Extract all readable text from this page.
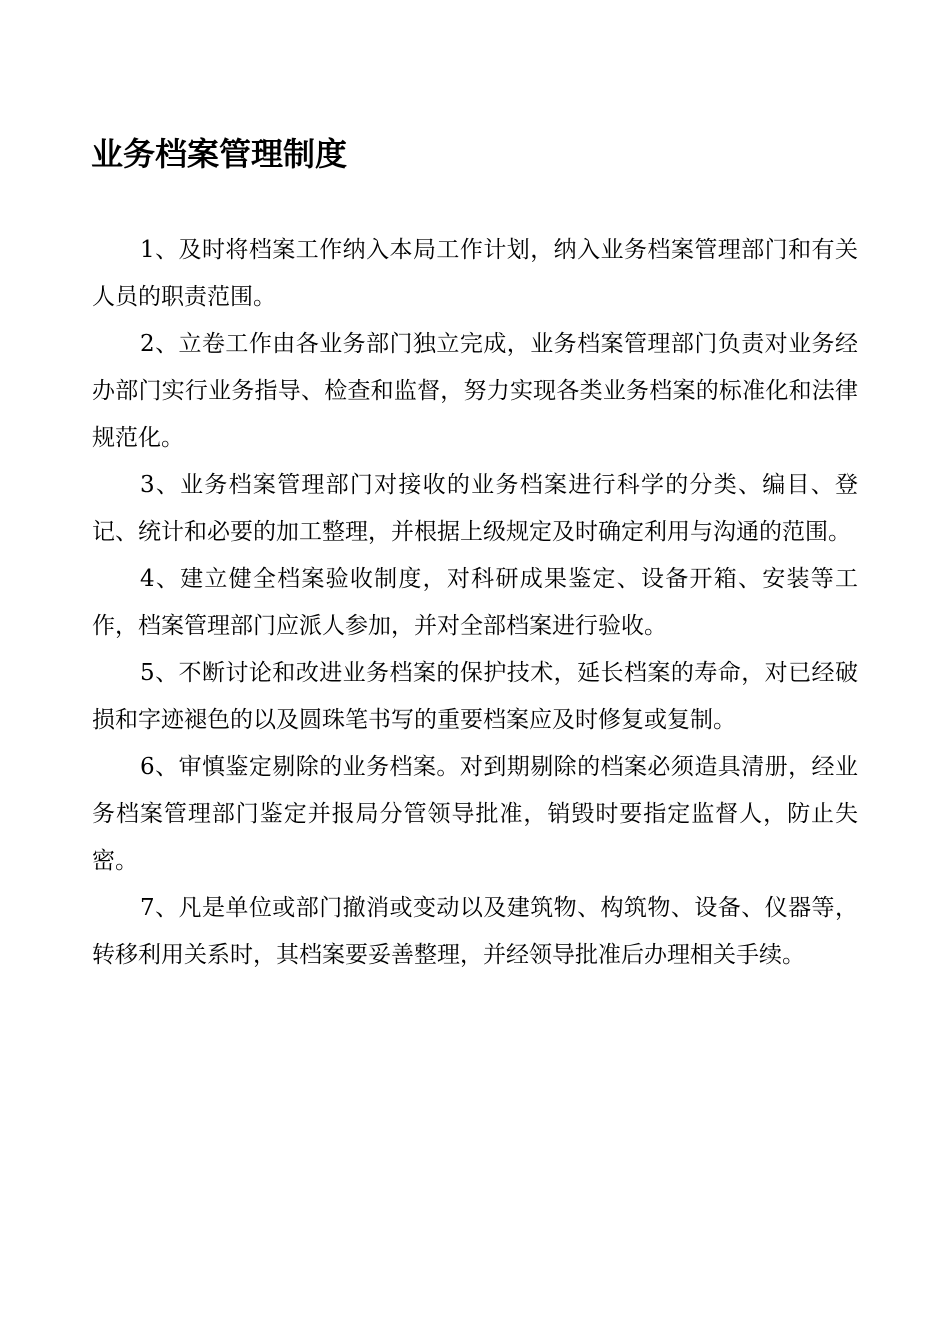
业务档案管理制度

1、及时将档案工作纳入本局工作计划，纳入业务档案管理部门和有关人员的职责范围。

2、立卷工作由各业务部门独立完成，业务档案管理部门负责对业务经办部门实行业务指导、检查和监督，努力实现各类业务档案的标准化和法律规范化。

3、业务档案管理部门对接收的业务档案进行科学的分类、编目、登记、统计和必要的加工整理，并根据上级规定及时确定利用与沟通的范围。

4、建立健全档案验收制度，对科研成果鉴定、设备开箱、安装等工作，档案管理部门应派人参加，并对全部档案进行验收。

5、不断讨论和改进业务档案的保护技术，延长档案的寿命，对已经破损和字迹褪色的以及圆珠笔书写的重要档案应及时修复或复制。

6、审慎鉴定剔除的业务档案。对到期剔除的档案必须造具清册，经业务档案管理部门鉴定并报局分管领导批准，销毁时要指定监督人，防止失密。

7、凡是单位或部门撤消或变动以及建筑物、构筑物、设备、仪器等，转移利用关系时，其档案要妥善整理，并经领导批准后办理相关手续。
